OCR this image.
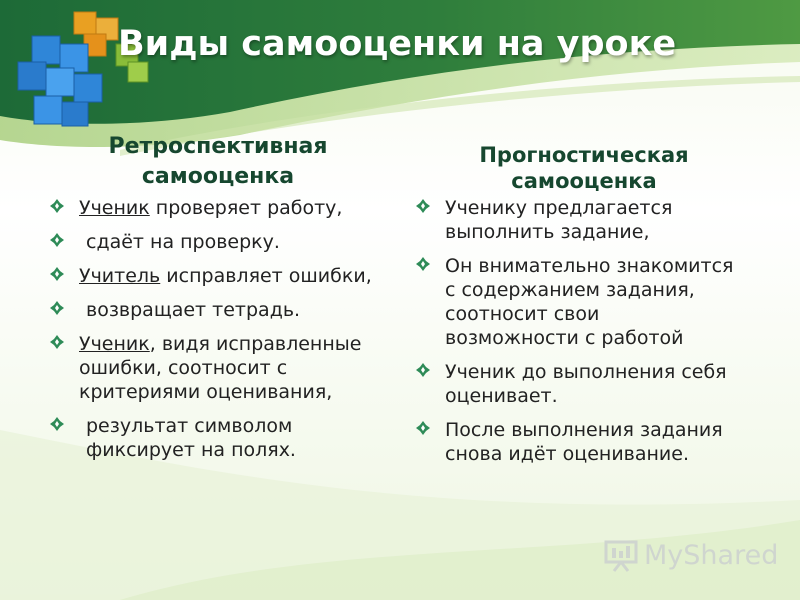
Виды самооценки на уроке
Ретроспективная самооценка
Прогностическая самооценка
Ученик проверяет работу,
сдаёт на проверку.
Учитель исправляет ошибки,
возвращает тетрадь.
Ученик, видя исправленные ошибки, соотносит с критериями оценивания,
результат символом фиксирует на полях.
Ученику предлагается выполнить задание,
Он внимательно знакомится с содержанием задания, соотносит свои возможности с работой
Ученик до выполнения себя оценивает.
После выполнения задания снова идёт оценивание.
MyShared
